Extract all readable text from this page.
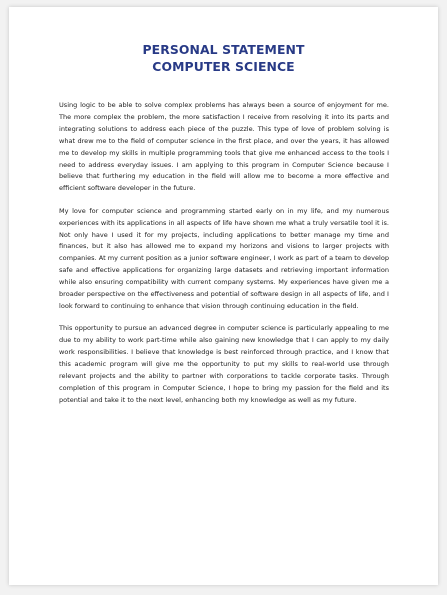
PERSONAL STATEMENT
COMPUTER SCIENCE

Using logic to be able to solve complex problems has always been a source of enjoyment for me. The more complex the problem, the more satisfaction I receive from resolving it into its parts and integrating solutions to address each piece of the puzzle. This type of love of problem solving is what drew me to the field of computer science in the first place, and over the years, it has allowed me to develop my skills in multiple programming tools that give me enhanced access to the tools I need to address everyday issues. I am applying to this program in Computer Science because I believe that furthering my education in the field will allow me to become a more effective and efficient software developer in the future.

My love for computer science and programming started early on in my life, and my numerous experiences with its applications in all aspects of life have shown me what a truly versatile tool it is. Not only have I used it for my projects, including applications to better manage my time and finances, but it also has allowed me to expand my horizons and visions to larger projects with companies. At my current position as a junior software engineer, I work as part of a team to develop safe and effective applications for organizing large datasets and retrieving important information while also ensuring compatibility with current company systems. My experiences have given me a broader perspective on the effectiveness and potential of software design in all aspects of life, and I look forward to continuing to enhance that vision through continuing education in the field.

This opportunity to pursue an advanced degree in computer science is particularly appealing to me due to my ability to work part-time while also gaining new knowledge that I can apply to my daily work responsibilities. I believe that knowledge is best reinforced through practice, and I know that this academic program will give me the opportunity to put my skills to real-world use through relevant projects and the ability to partner with corporations to tackle corporate tasks. Through completion of this program in Computer Science, I hope to bring my passion for the field and its potential and take it to the next level, enhancing both my knowledge as well as my future.
